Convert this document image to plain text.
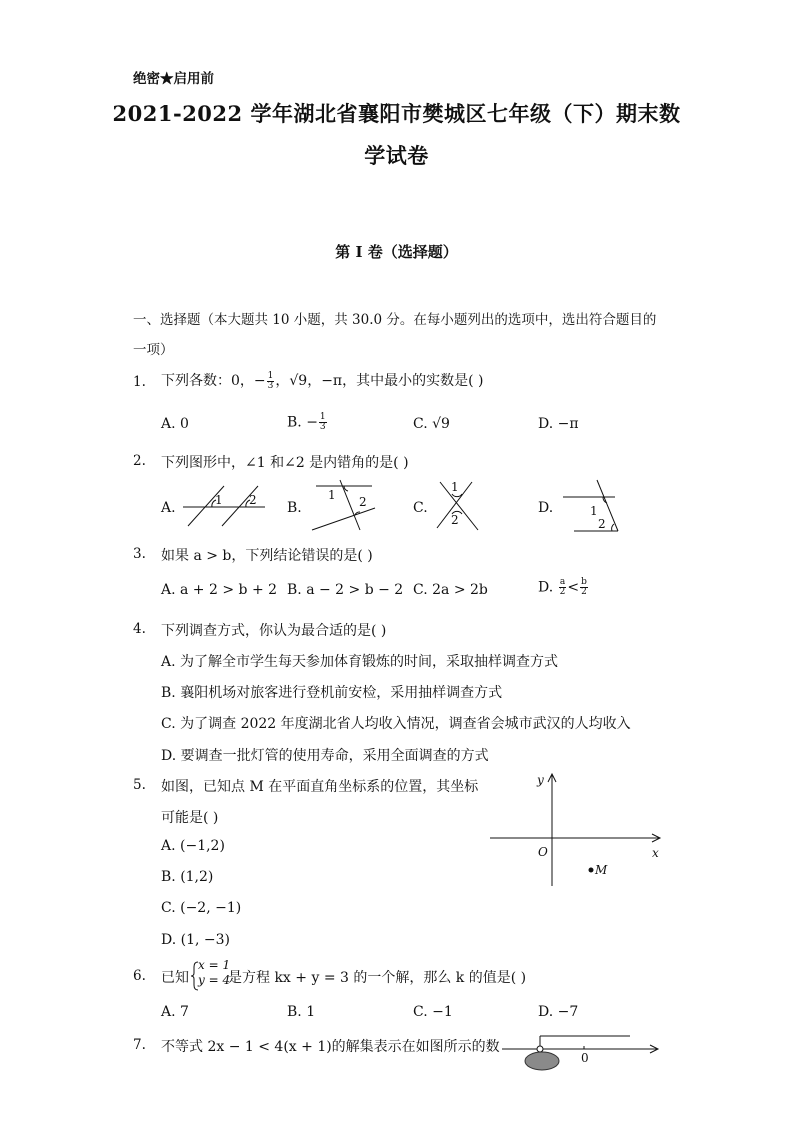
绝密★启用前
2021-2022 学年湖北省襄阳市樊城区七年级（下）期末数
学试卷
第 I 卷（选择题）
一、选择题（本大题共 10 小题，共 30.0 分。在每小题列出的选项中，选出符合题目的一项）
1. 下列各数：0，− $\frac{1}{3}$ ，√9，−π，其中最小的实数是( )
A. 0	B. − $\frac{1}{3}$	C. √9	D. −π
2. 下列图形中，∠1 和∠2 是内错角的是( )
A.	B.	C.	D.
1 2	1 2
1
2
1
2
3. 如果 a > b，下列结论错误的是( )
A. a + 2 > b + 2 B. a − 2 > b − 2 C. 2a > 2b	D. $\frac{a}{2} < \frac{b}{2}$
4. 下列调查方式，你认为最合适的是( )
A. 为了解全市学生每天参加体育锻炼的时间，采取抽样调查方式
B. 襄阳机场对旅客进行登机前安检，采用抽样调查方式
C. 为了调查 2022 年度湖北省人均收入情况，调查省会城市武汉的人均收入
D. 要调查一批灯管的使用寿命，采用全面调查的方式
5. 如图，已知点 M 在平面直角坐标系的位置，其坐标
可能是( )
A. (−1,2)
B. (1,2)
C. (−2, −1)
D. (1, −3)
y
x
O
M
6. 已知
x = 1
y = 4
是方程 kx + y = 3 的一个解，那么 k 的值是( )
A. 7	B. 1	C. −1	D. −7
7. 不等式 2x − 1 < 4(x + 1)的解集表示在如图所示的数
0
